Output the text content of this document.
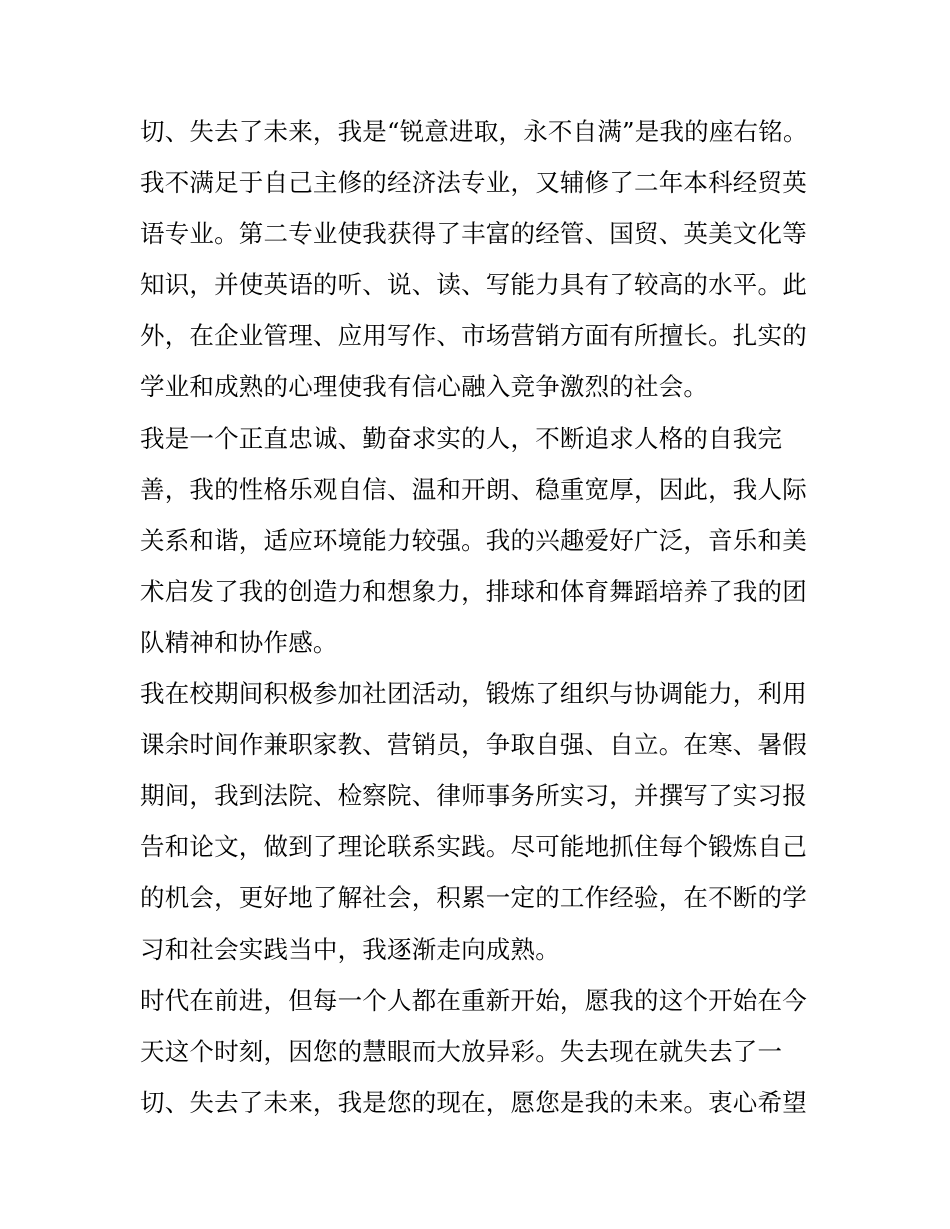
切、失去了未来，我是“锐意进取，永不自满”是我的座右铭。
我不满足于自己主修的经济法专业，又辅修了二年本科经贸英
语专业。第二专业使我获得了丰富的经管、国贸、英美文化等
知识，并使英语的听、说、读、写能力具有了较高的水平。此
外，在企业管理、应用写作、市场营销方面有所擅长。扎实的
学业和成熟的心理使我有信心融入竞争激烈的社会。
我是一个正直忠诚、勤奋求实的人，不断追求人格的自我完
善，我的性格乐观自信、温和开朗、稳重宽厚，因此，我人际
关系和谐，适应环境能力较强。我的兴趣爱好广泛，音乐和美
术启发了我的创造力和想象力，排球和体育舞蹈培养了我的团
队精神和协作感。
我在校期间积极参加社团活动，锻炼了组织与协调能力，利用
课余时间作兼职家教、营销员，争取自强、自立。在寒、暑假
期间，我到法院、检察院、律师事务所实习，并撰写了实习报
告和论文，做到了理论联系实践。尽可能地抓住每个锻炼自己
的机会，更好地了解社会，积累一定的工作经验，在不断的学
习和社会实践当中，我逐渐走向成熟。
时代在前进，但每一个人都在重新开始，愿我的这个开始在今
天这个时刻，因您的慧眼而大放异彩。失去现在就失去了一
切、失去了未来，我是您的现在，愿您是我的未来。衷心希望
